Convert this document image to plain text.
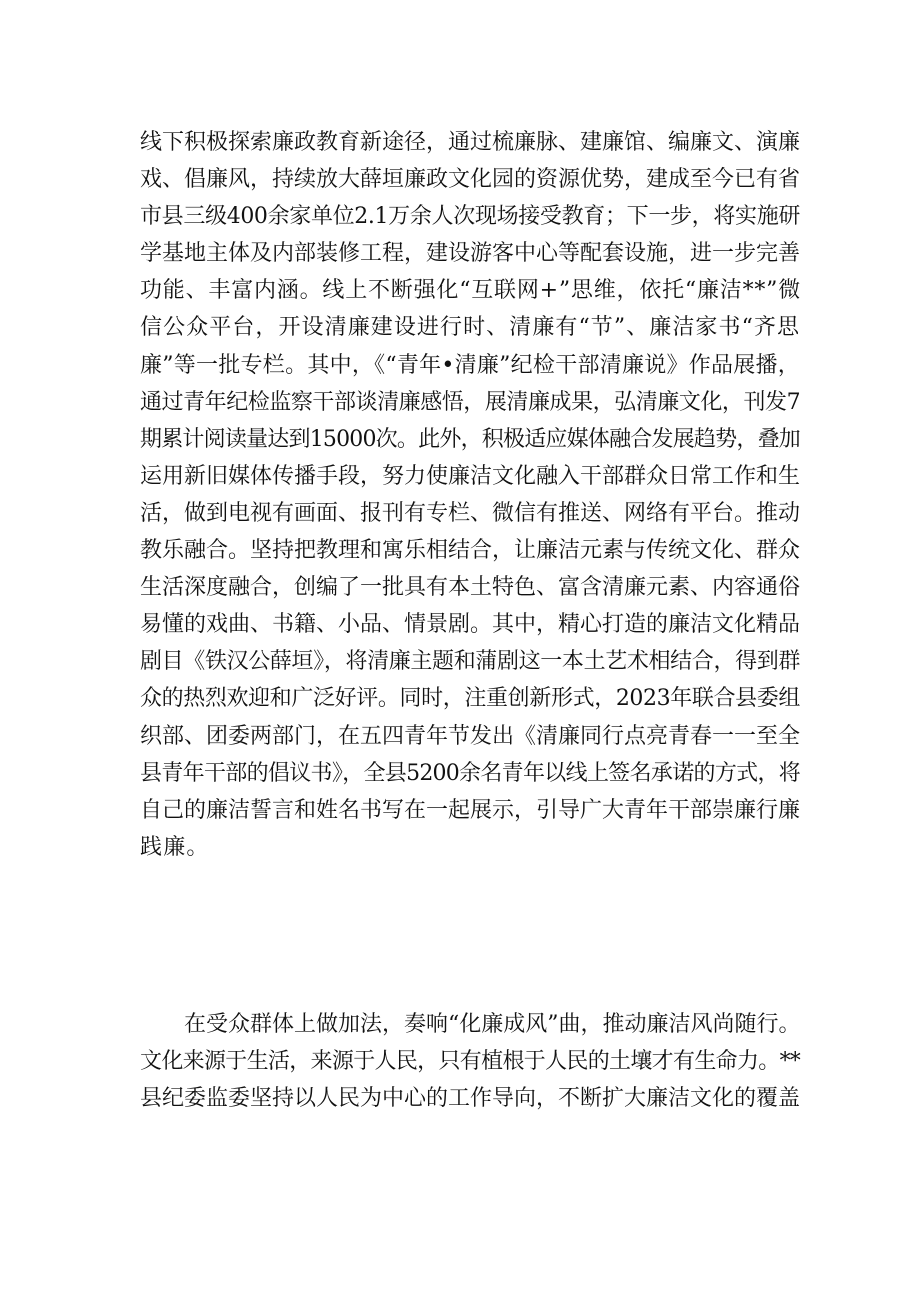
线下积极探索廉政教育新途径，通过梳廉脉、建廉馆、编廉文、演廉
戏、倡廉风，持续放大薛垣廉政文化园的资源优势，建成至今已有省
市县三级400余家单位2.1万余人次现场接受教育；下一步，将实施研
学基地主体及内部装修工程，建设游客中心等配套设施，进一步完善
功能、丰富内涵。线上不断强化“互联网+”思维，依托“廉洁**”微
信公众平台，开设清廉建设进行时、清廉有“节”、廉洁家书“齐思
廉”等一批专栏。其中，《“青年•清廉”纪检干部清廉说》作品展播，
通过青年纪检监察干部谈清廉感悟，展清廉成果，弘清廉文化，刊发7
期累计阅读量达到15000次。此外，积极适应媒体融合发展趋势，叠加
运用新旧媒体传播手段，努力使廉洁文化融入干部群众日常工作和生
活，做到电视有画面、报刊有专栏、微信有推送、网络有平台。推动
教乐融合。坚持把教理和寓乐相结合，让廉洁元素与传统文化、群众
生活深度融合，创编了一批具有本土特色、富含清廉元素、内容通俗
易懂的戏曲、书籍、小品、情景剧。其中，精心打造的廉洁文化精品
剧目《铁汉公薛垣》，将清廉主题和蒲剧这一本土艺术相结合，得到群
众的热烈欢迎和广泛好评。同时，注重创新形式，2023年联合县委组
织部、团委两部门，在五四青年节发出《清廉同行点亮青春一一至全
县青年干部的倡议书》，全县5200余名青年以线上签名承诺的方式，将
自己的廉洁誓言和姓名书写在一起展示，引导广大青年干部崇廉行廉
践廉。
在受众群体上做加法，奏响“化廉成风”曲，推动廉洁风尚随行。
文化来源于生活，来源于人民，只有植根于人民的土壤才有生命力。**
县纪委监委坚持以人民为中心的工作导向，不断扩大廉洁文化的覆盖
